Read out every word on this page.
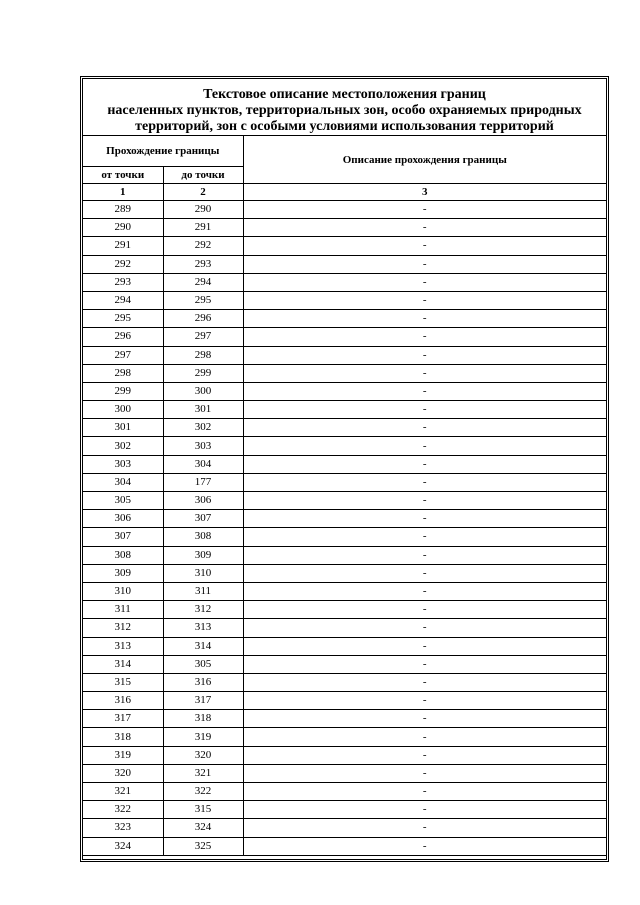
Текстовое описание местоположения границ
населенных пунктов, территориальных зон, особо охраняемых природных
территорий, зон с особыми условиями использования территорий
Прохождение границы		Описание прохождения границы
от точки	до точки	
1	2	3
289	290	-
290	291	-
291	292	-
292	293	-
293	294	-
294	295	-
295	296	-
296	297	-
297	298	-
298	299	-
299	300	-
300	301	-
301	302	-
302	303	-
303	304	-
304	177	-
305	306	-
306	307	-
307	308	-
308	309	-
309	310	-
310	311	-
311	312	-
312	313	-
313	314	-
314	305	-
315	316	-
316	317	-
317	318	-
318	319	-
319	320	-
320	321	-
321	322	-
322	315	-
323	324	-
324	325	-
